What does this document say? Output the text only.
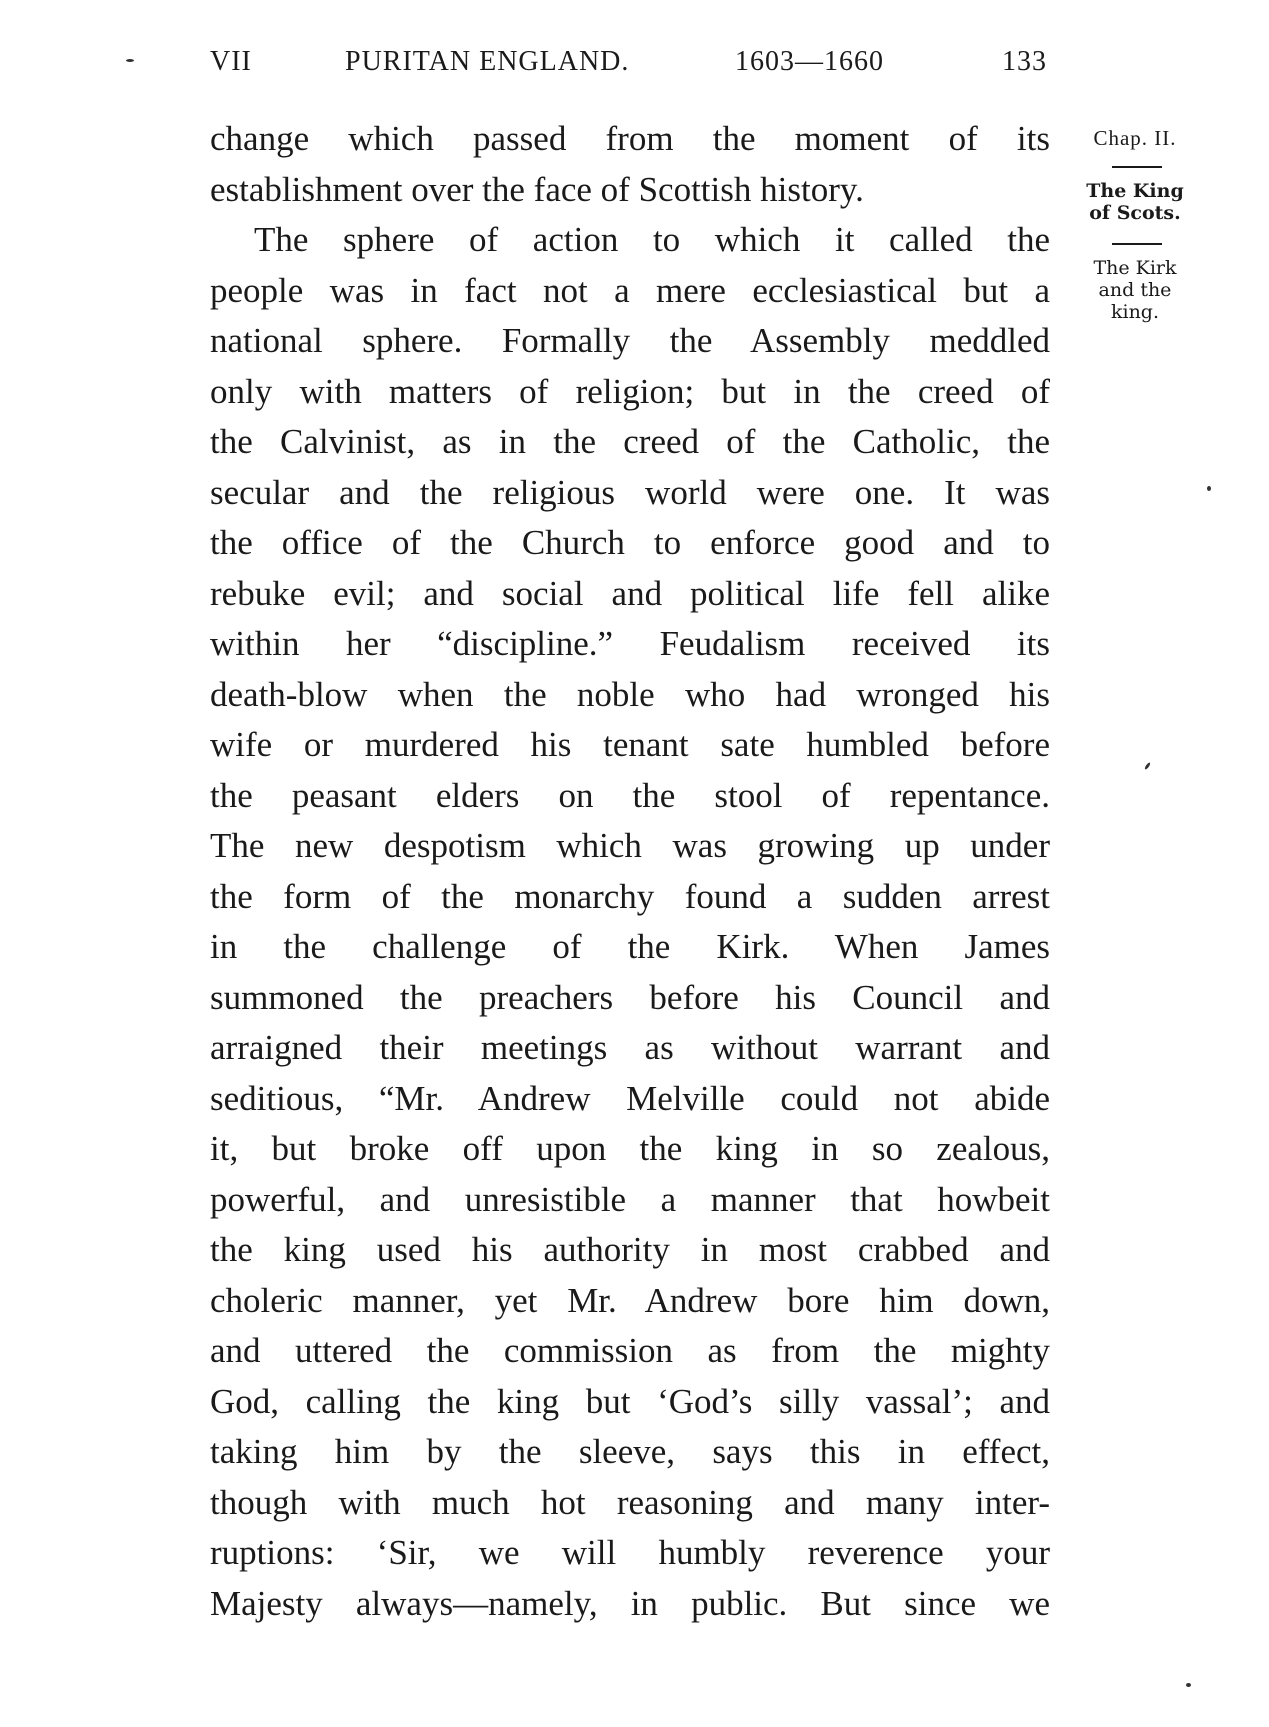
VII	PURITAN ENGLAND.	1603—1660	133
Chap. II.
The King
of Scots.
The Kirk
and the
king.
change which passed from the moment of its
establishment over the face of Scottish history.
The sphere of action to which it called the
people was in fact not a mere ecclesiastical but a
national sphere. Formally the Assembly meddled
only with matters of religion; but in the creed of
the Calvinist, as in the creed of the Catholic, the
secular and the religious world were one. It was
the office of the Church to enforce good and to
rebuke evil; and social and political life fell alike
within her “discipline.” Feudalism received its
death-blow when the noble who had wronged his
wife or murdered his tenant sate humbled before
the peasant elders on the stool of repentance.
The new despotism which was growing up under
the form of the monarchy found a sudden arrest
in the challenge of the Kirk. When James
summoned the preachers before his Council and
arraigned their meetings as without warrant and
seditious, “Mr. Andrew Melville could not abide
it, but broke off upon the king in so zealous,
powerful, and unresistible a manner that howbeit
the king used his authority in most crabbed and
choleric manner, yet Mr. Andrew bore him down,
and uttered the commission as from the mighty
God, calling the king but ‘God’s silly vassal’; and
taking him by the sleeve, says this in effect,
though with much hot reasoning and many inter-
ruptions: ‘Sir, we will humbly reverence your
Majesty always—namely, in public. But since we
